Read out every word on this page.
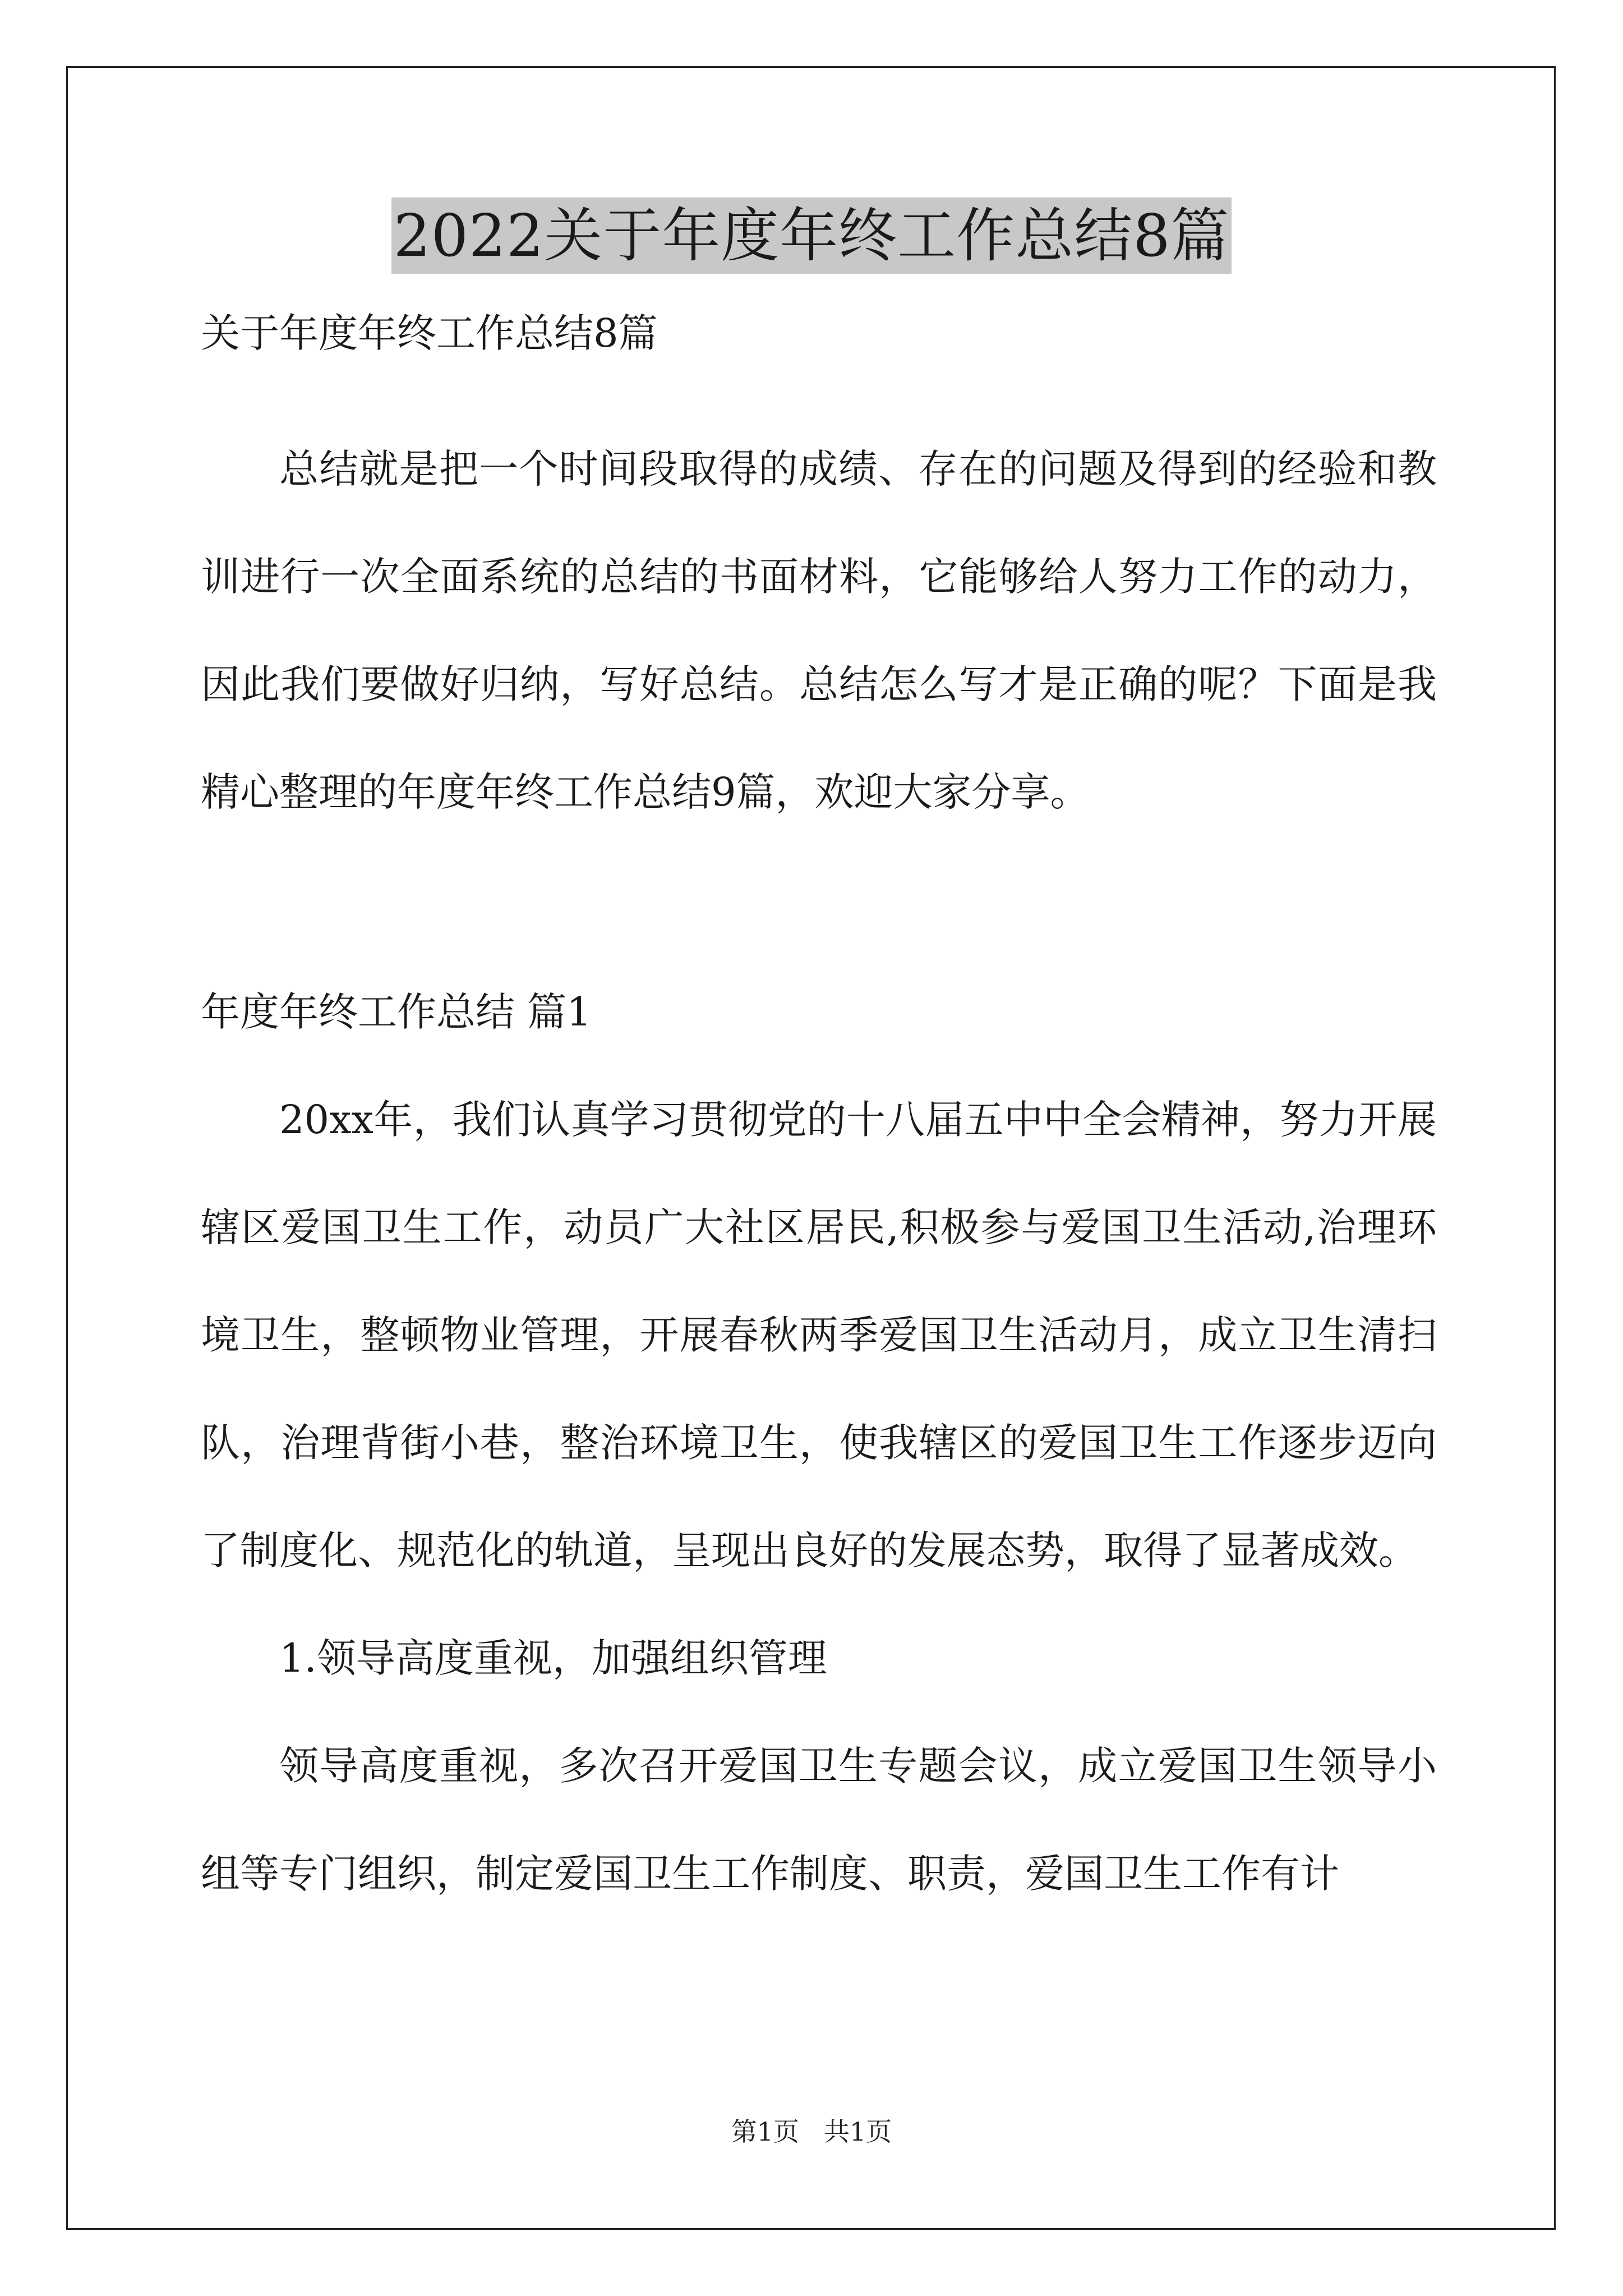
2022关于年度年终工作总结8篇

关于年度年终工作总结8篇

总结就是把一个时间段取得的成绩、存在的问题及得到的经验和教训进行一次全面系统的总结的书面材料，它能够给人努力工作的动力，因此我们要做好归纳，写好总结。总结怎么写才是正确的呢？下面是我精心整理的年度年终工作总结9篇，欢迎大家分享。

年度年终工作总结 篇1

20xx年，我们认真学习贯彻党的十八届五中中全会精神，努力开展辖区爱国卫生工作，动员广大社区居民,积极参与爱国卫生活动,治理环境卫生，整顿物业管理，开展春秋两季爱国卫生活动月，成立卫生清扫队，治理背街小巷，整治环境卫生，使我辖区的爱国卫生工作逐步迈向了制度化、规范化的轨道，呈现出良好的发展态势，取得了显著成效。

1.领导高度重视，加强组织管理

领导高度重视，多次召开爱国卫生专题会议，成立爱国卫生领导小组等专门组织，制定爱国卫生工作制度、职责，爱国卫生工作有计

第1页 共1页
